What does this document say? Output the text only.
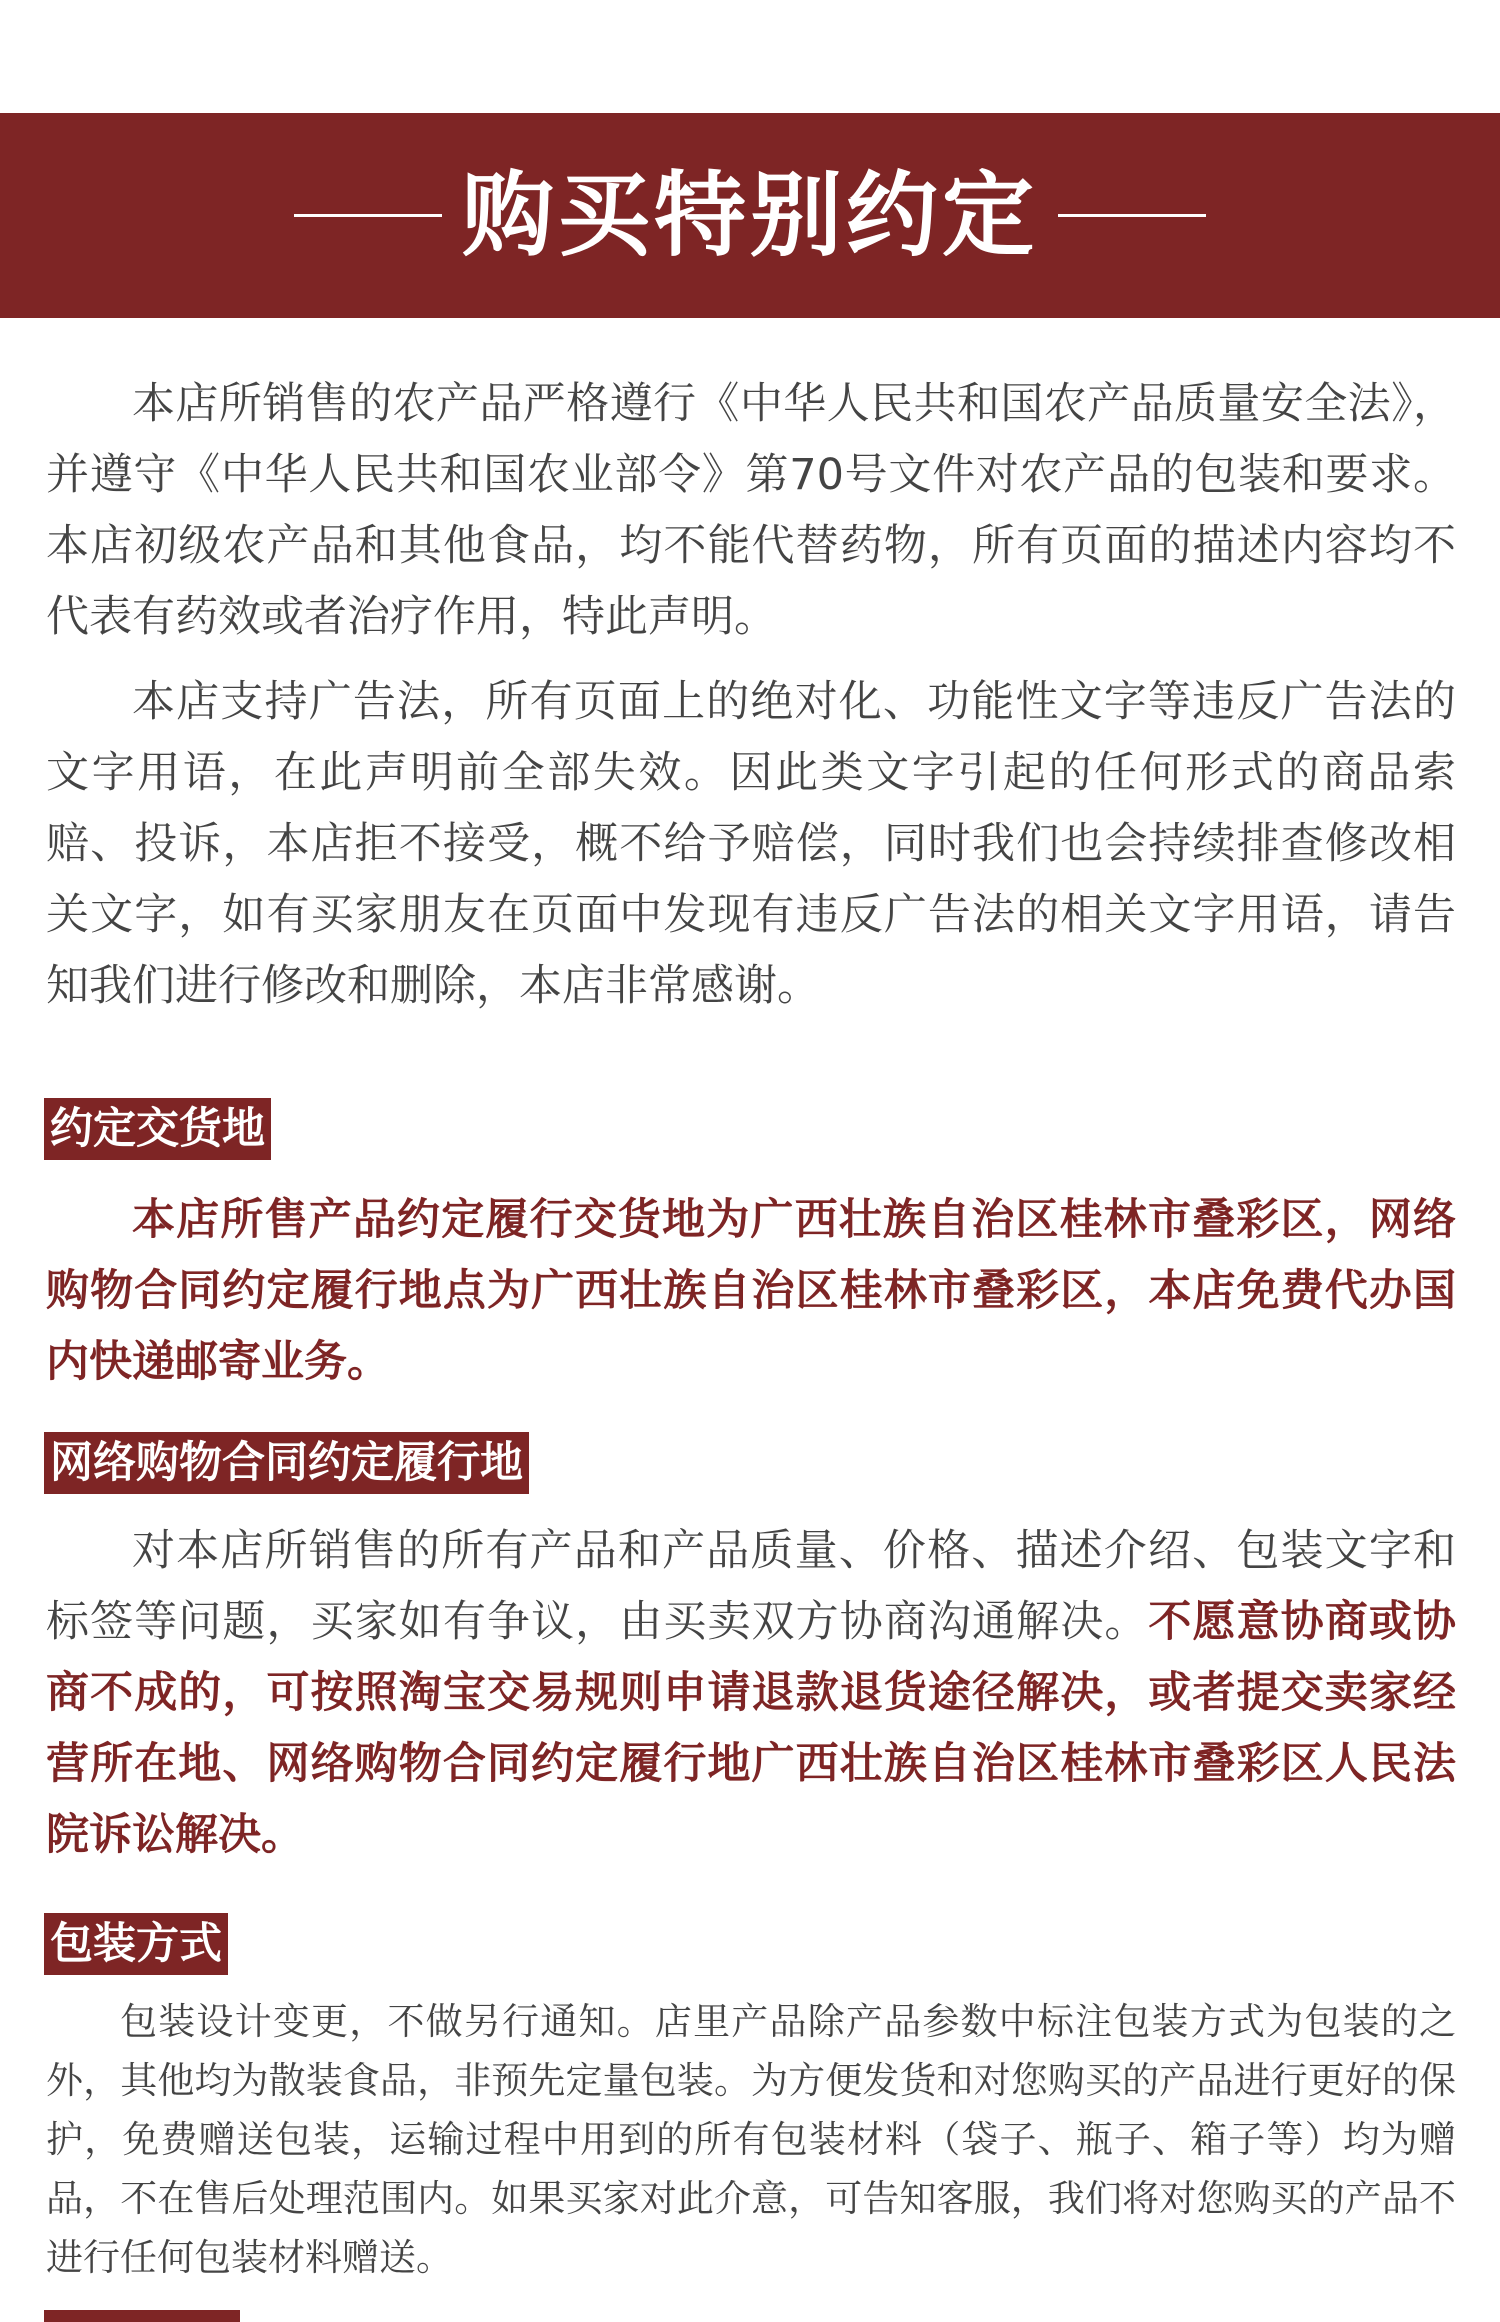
购买特别约定

本店所销售的农产品严格遵行《中华人民共和国农产品质量安全法》，并遵守《中华人民共和国农业部令》第70号文件对农产品的包装和要求。本店初级农产品和其他食品，均不能代替药物，所有页面的描述内容均不代表有药效或者治疗作用，特此声明。

本店支持广告法，所有页面上的绝对化、功能性文字等违反广告法的文字用语，在此声明前全部失效。因此类文字引起的任何形式的商品索赔、投诉，本店拒不接受，概不给予赔偿，同时我们也会持续排查修改相关文字，如有买家朋友在页面中发现有违反广告法的相关文字用语，请告知我们进行修改和删除，本店非常感谢。

约定交货地

本店所售产品约定履行交货地为广西壮族自治区桂林市叠彩区，网络购物合同约定履行地点为广西壮族自治区桂林市叠彩区，本店免费代办国内快递邮寄业务。

网络购物合同约定履行地

对本店所销售的所有产品和产品质量、价格、描述介绍、包装文字和标签等问题，买家如有争议，由买卖双方协商沟通解决。不愿意协商或协商不成的，可按照淘宝交易规则申请退款退货途径解决，或者提交卖家经营所在地、网络购物合同约定履行地广西壮族自治区桂林市叠彩区人民法院诉讼解决。

包装方式

包装设计变更，不做另行通知。店里产品除产品参数中标注包装方式为包装的之外，其他均为散装食品，非预先定量包装。为方便发货和对您购买的产品进行更好的保护，免费赠送包装，运输过程中用到的所有包装材料（袋子、瓶子、箱子等）均为赠品，不在售后处理范围内。如果买家对此介意，可告知客服，我们将对您购买的产品不进行任何包装材料赠送。
